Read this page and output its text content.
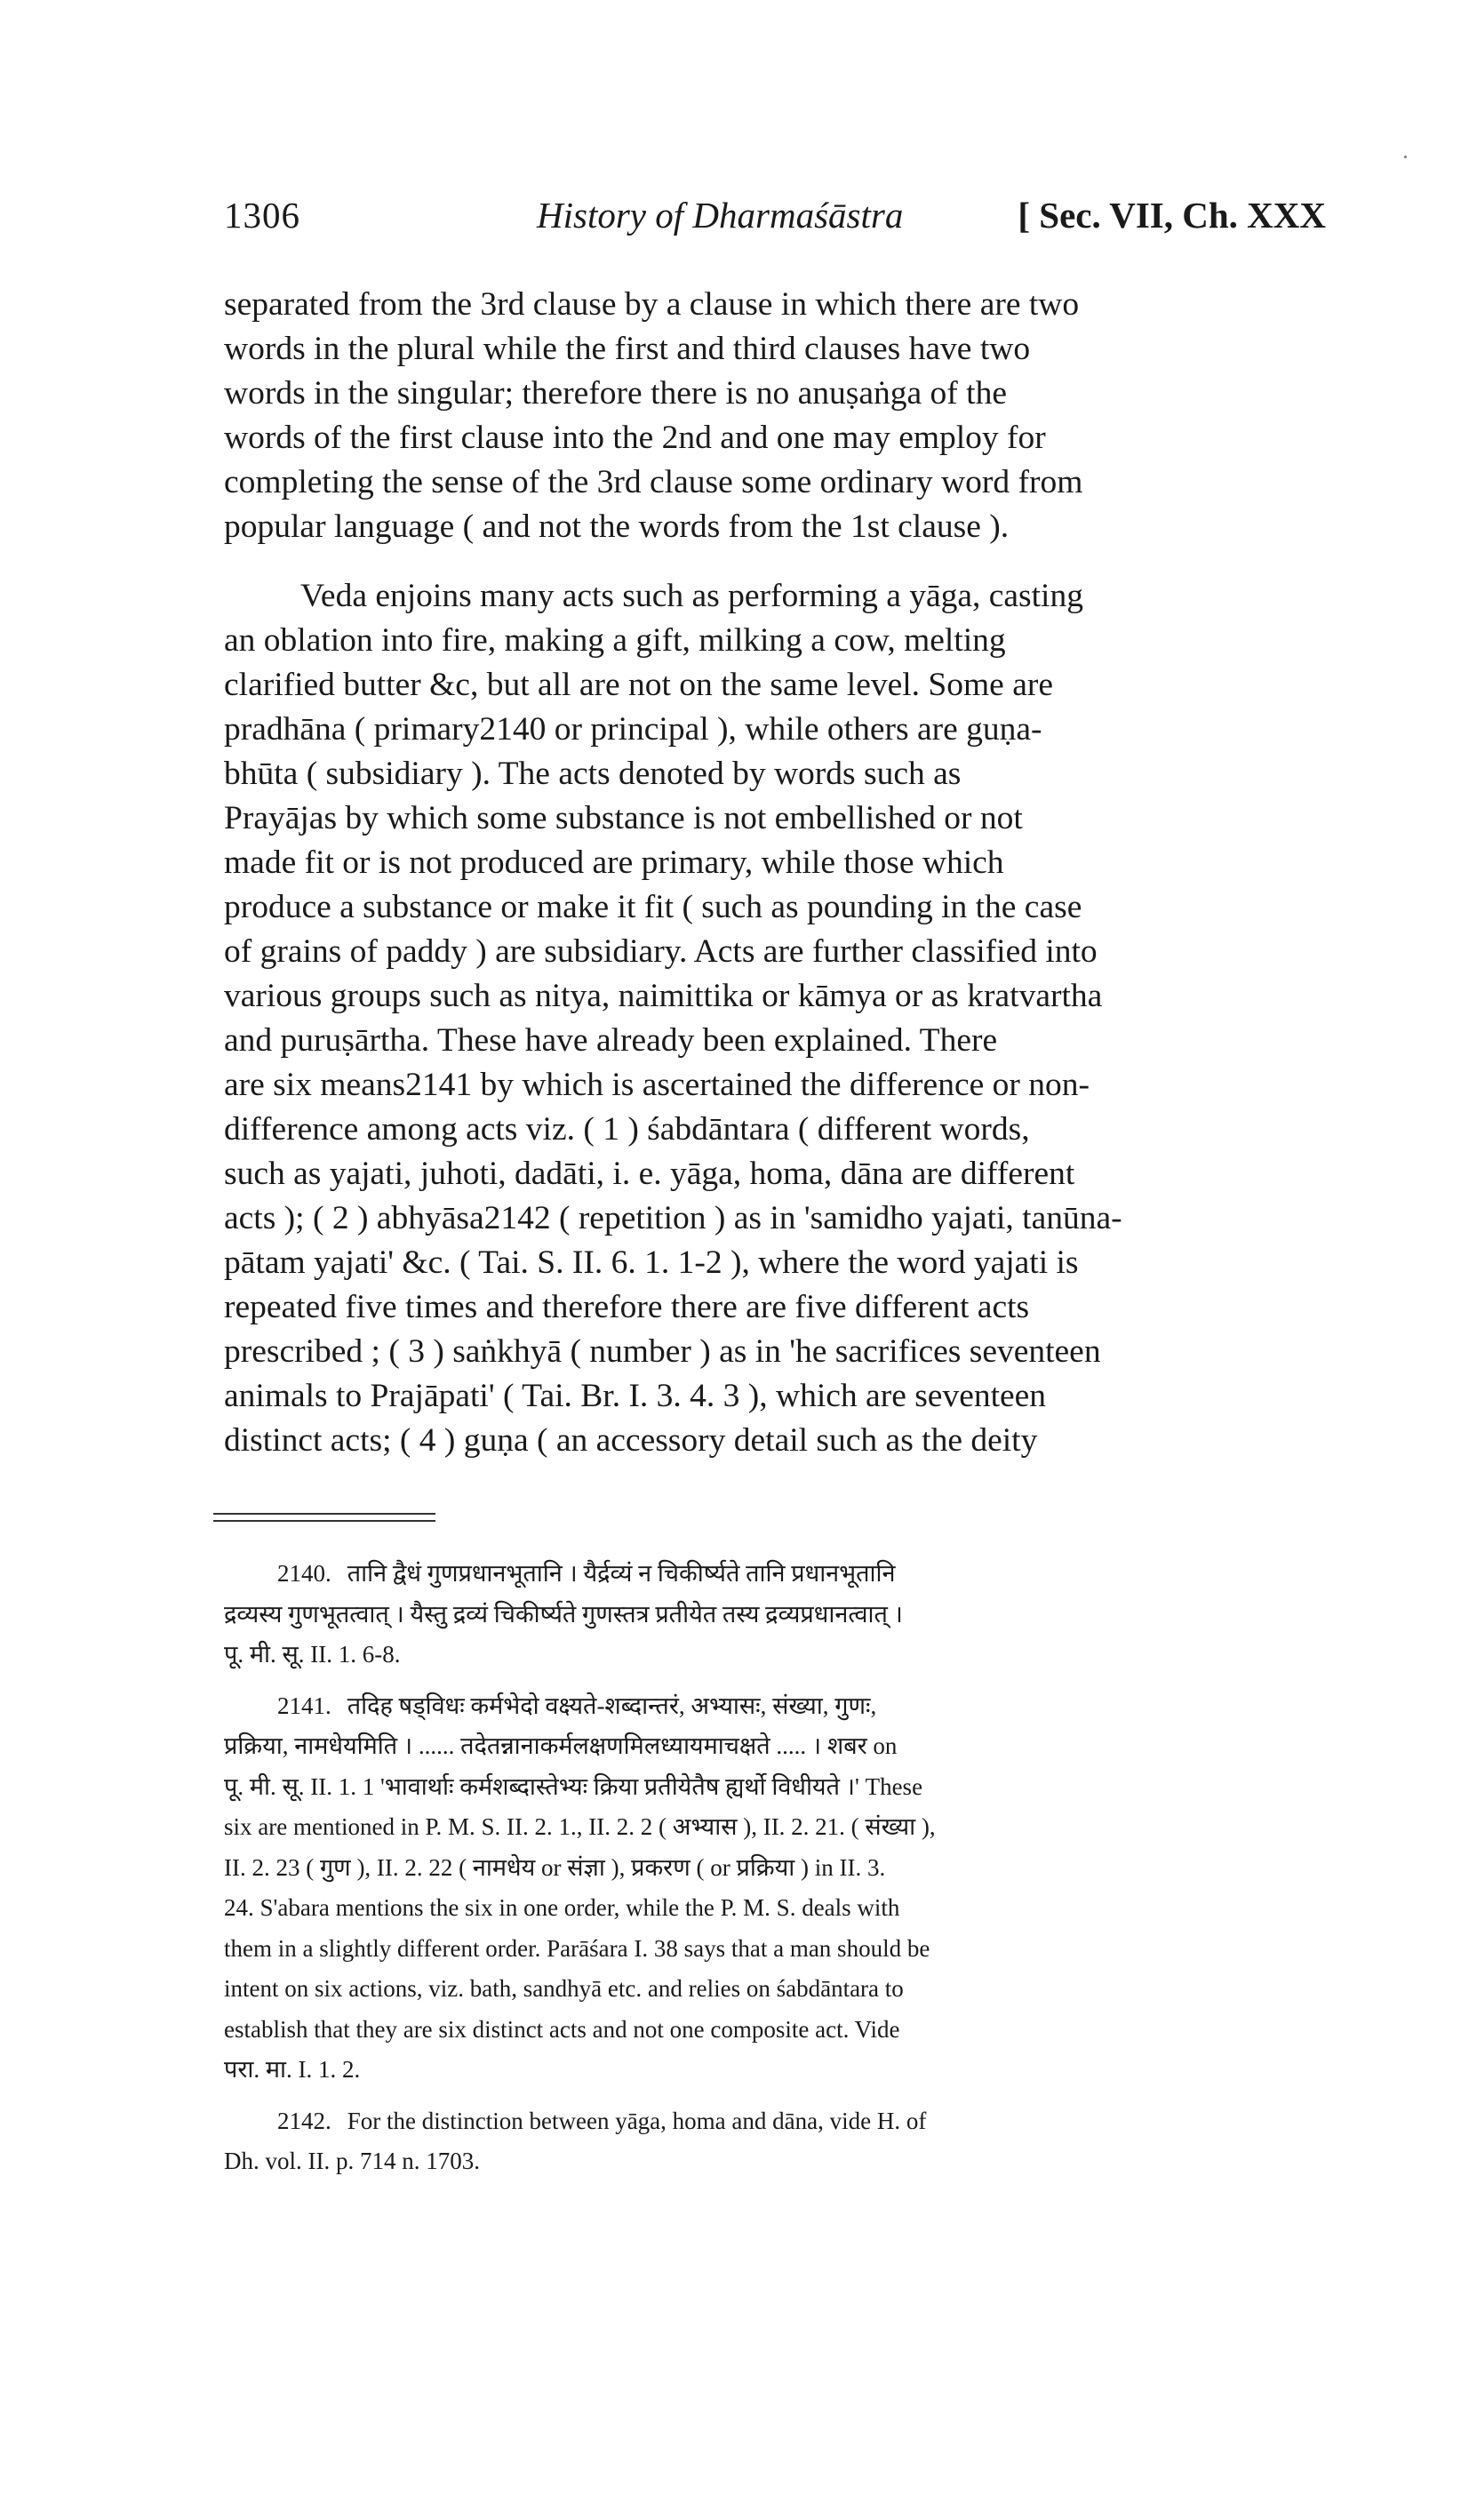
1306	History of Dharmaśāstra	[ Sec. VII, Ch. XXX

separated from the 3rd clause by a clause in which there are two
words in the plural while the first and third clauses have two
words in the singular; therefore there is no anuṣaṅga of the
words of the first clause into the 2nd and one may employ for
completing the sense of the 3rd clause some ordinary word from
popular language ( and not the words from the 1st clause ).

Veda enjoins many acts such as performing a yāga, casting
an oblation into fire, making a gift, milking a cow, melting
clarified butter &c, but all are not on the same level. Some are
pradhāna ( primary2140 or principal ), while others are guṇa-
bhūta ( subsidiary ). The acts denoted by words such as
Prayājas by which some substance is not embellished or not
made fit or is not produced are primary, while those which
produce a substance or make it fit ( such as pounding in the case
of grains of paddy ) are subsidiary. Acts are further classified into
various groups such as nitya, naimittika or kāmya or as kratvartha
and puruṣārtha. These have already been explained. There
are six means2141 by which is ascertained the difference or non-
difference among acts viz. ( 1 ) śabdāntara ( different words,
such as yajati, juhoti, dadāti, i. e. yāga, homa, dāna are different
acts ); ( 2 ) abhyāsa2142 ( repetition ) as in 'samidho yajati, tanūna-
pātam yajati' &c. ( Tai. S. II. 6. 1. 1-2 ), where the word yajati is
repeated five times and therefore there are five different acts
prescribed ; ( 3 ) saṅkhyā ( number ) as in 'he sacrifices seventeen
animals to Prajāpati' ( Tai. Br. I. 3. 4. 3 ), which are seventeen
distinct acts; ( 4 ) guṇa ( an accessory detail such as the deity

2140. तानि द्वैधं गुणप्रधानभूतानि । यैर्द्रव्यं न चिकीर्ष्यते तानि प्रधानभूतानि
द्रव्यस्य गुणभूतत्वात् । यैस्तु द्रव्यं चिकीर्ष्यते गुणस्तत्र प्रतीयेत तस्य द्रव्यप्रधानत्वात् ।
पू. मी. सू. II. 1. 6-8.

2141. तदिह षड्विधः कर्मभेदो वक्ष्यते-शब्दान्तरं, अभ्यासः, संख्या, गुणः,
प्रक्रिया, नामधेयमिति । ...... तदेतन्नानाकर्मलक्षणमिलध्यायमाचक्षते ..... । शबर on
पू. मी. सू. II. 1. 1 'भावार्थाः कर्मशब्दास्तेभ्यः क्रिया प्रतीयेतैष ह्यर्थो विधीयते ।' These
six are mentioned in P. M. S. II. 2. 1., II. 2. 2 ( अभ्यास ), II. 2. 21. ( संख्या ),
II. 2. 23 ( गुण ), II. 2. 22 ( नामधेय or संज्ञा ), प्रकरण ( or प्रक्रिया ) in II. 3.
24. S'abara mentions the six in one order, while the P. M. S. deals with
them in a slightly different order. Parāśara I. 38 says that a man should be
intent on six actions, viz. bath, sandhyā etc. and relies on śabdāntara to
establish that they are six distinct acts and not one composite act. Vide
परा. मा. I. 1. 2.

2142. For the distinction between yāga, homa and dāna, vide H. of
Dh. vol. II. p. 714 n. 1703.
